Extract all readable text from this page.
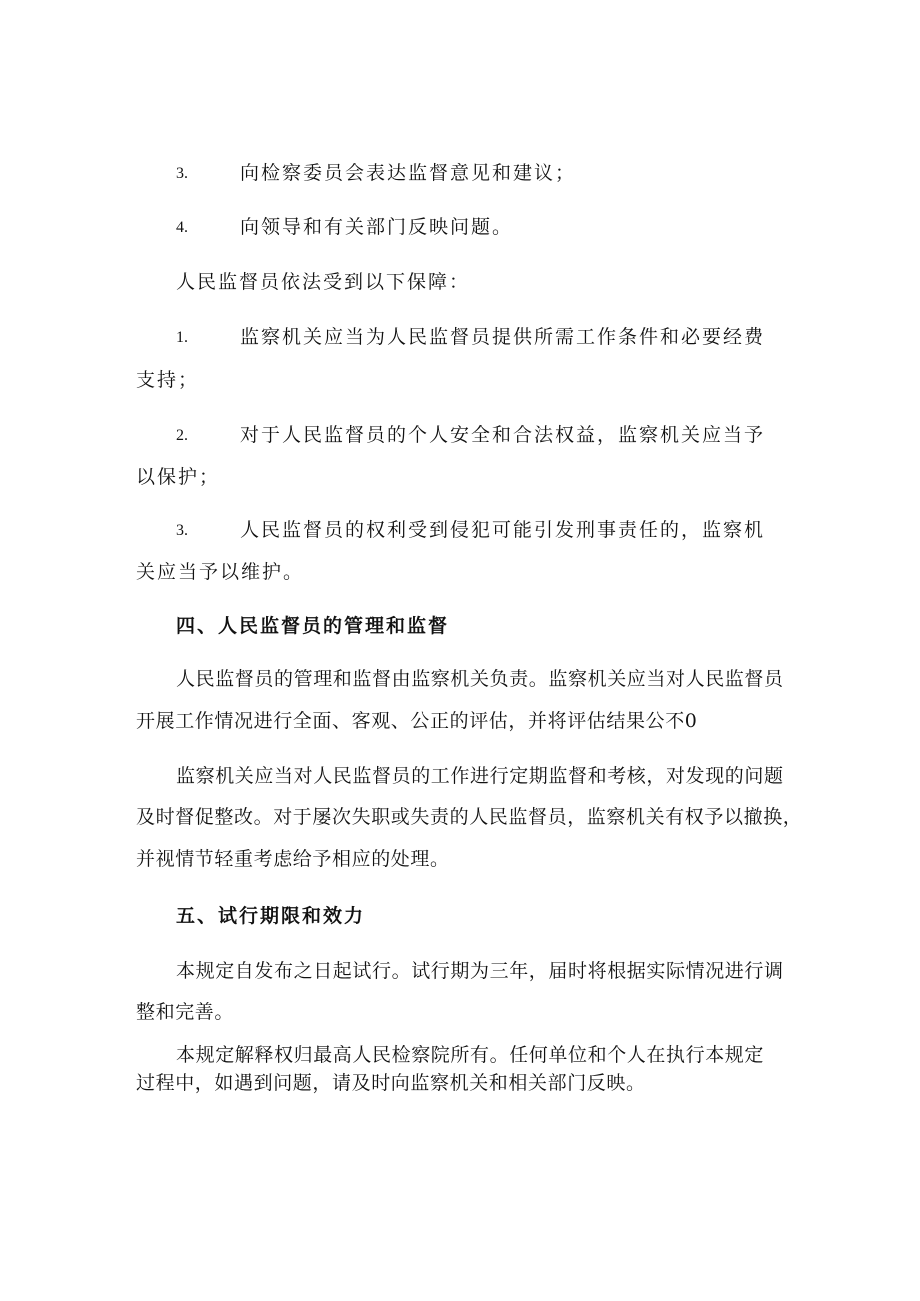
3.	向检察委员会表达监督意见和建议；
4.	向领导和有关部门反映问题。
人民监督员依法受到以下保障：
1.	监察机关应当为人民监督员提供所需工作条件和必要经费
支持；
2.	对于人民监督员的个人安全和合法权益，监察机关应当予
以保护；
3.	人民监督员的权利受到侵犯可能引发刑事责任的，监察机
关应当予以维护。
四、人民监督员的管理和监督
人民监督员的管理和监督由监察机关负责。监察机关应当对人民监督员
开展工作情况进行全面、客观、公正的评估，并将评估结果公不0
监察机关应当对人民监督员的工作进行定期监督和考核，对发现的问题
及时督促整改。对于屡次失职或失责的人民监督员，监察机关有权予以撤换，
并视情节轻重考虑给予相应的处理。
五、试行期限和效力
本规定自发布之日起试行。试行期为三年，届时将根据实际情况进行调
整和完善。
本规定解释权归最高人民检察院所有。任何单位和个人在执行本规定
过程中，如遇到问题，请及时向监察机关和相关部门反映。
